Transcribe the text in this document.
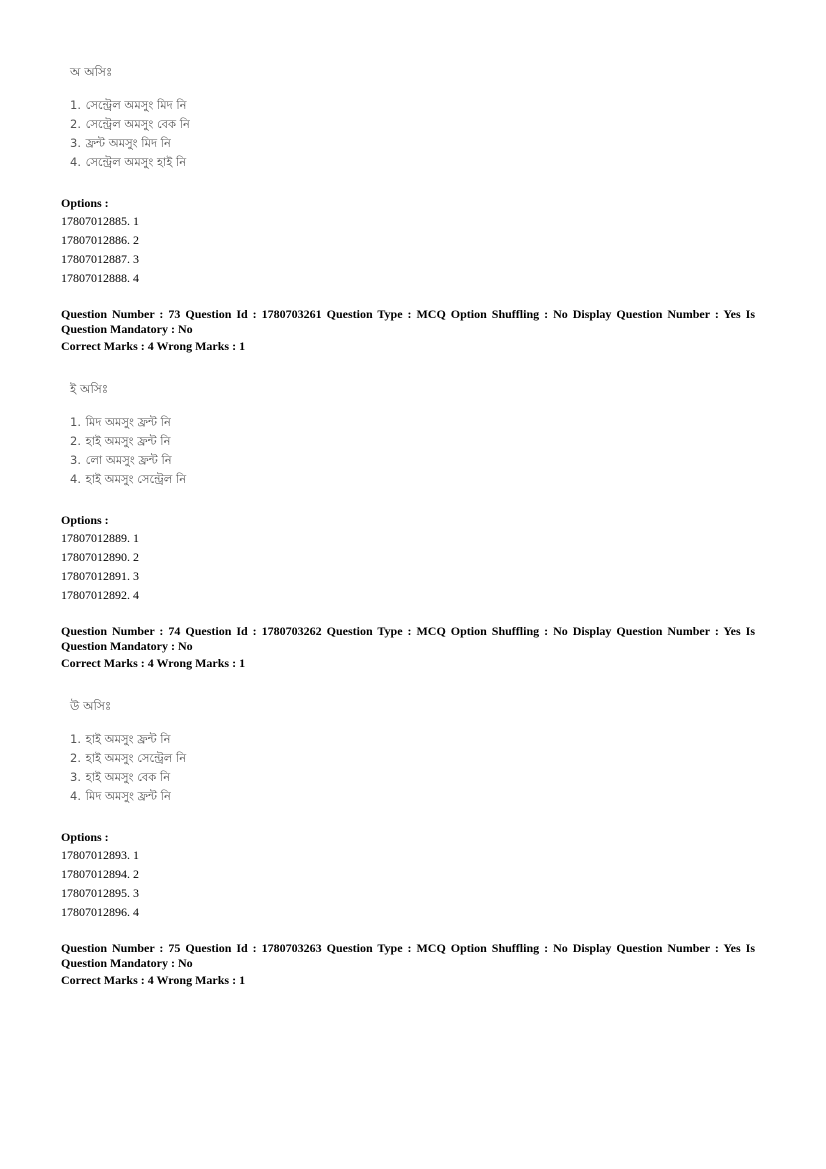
অ অসিঃ
1. সেন্ট্রেল অমসুং মিদ নি
2. সেন্ট্রেল অমসুং বেক নি
3. ফ্রন্ট অমসুং মিদ নি
4. সেন্ট্রেল অমসুং হাই নি
Options :
17807012885. 1
17807012886. 2
17807012887. 3
17807012888. 4
Question Number : 73 Question Id : 1780703261 Question Type : MCQ Option Shuffling : No Display Question Number : Yes Is Question Mandatory : No
Correct Marks : 4 Wrong Marks : 1
ই অসিঃ
1. মিদ অমসুং ফ্রন্ট নি
2. হাই অমসুং ফ্রন্ট নি
3. লো অমসুং ফ্রন্ট নি
4. হাই অমসুং সেন্ট্রেল নি
Options :
17807012889. 1
17807012890. 2
17807012891. 3
17807012892. 4
Question Number : 74 Question Id : 1780703262 Question Type : MCQ Option Shuffling : No Display Question Number : Yes Is Question Mandatory : No
Correct Marks : 4 Wrong Marks : 1
উ অসিঃ
1. হাই অমসুং ফ্রন্ট নি
2. হাই অমসুং সেন্ট্রেল নি
3. হাই অমসুং বেক নি
4. মিদ অমসুং ফ্রন্ট নি
Options :
17807012893. 1
17807012894. 2
17807012895. 3
17807012896. 4
Question Number : 75 Question Id : 1780703263 Question Type : MCQ Option Shuffling : No Display Question Number : Yes Is Question Mandatory : No
Correct Marks : 4 Wrong Marks : 1
